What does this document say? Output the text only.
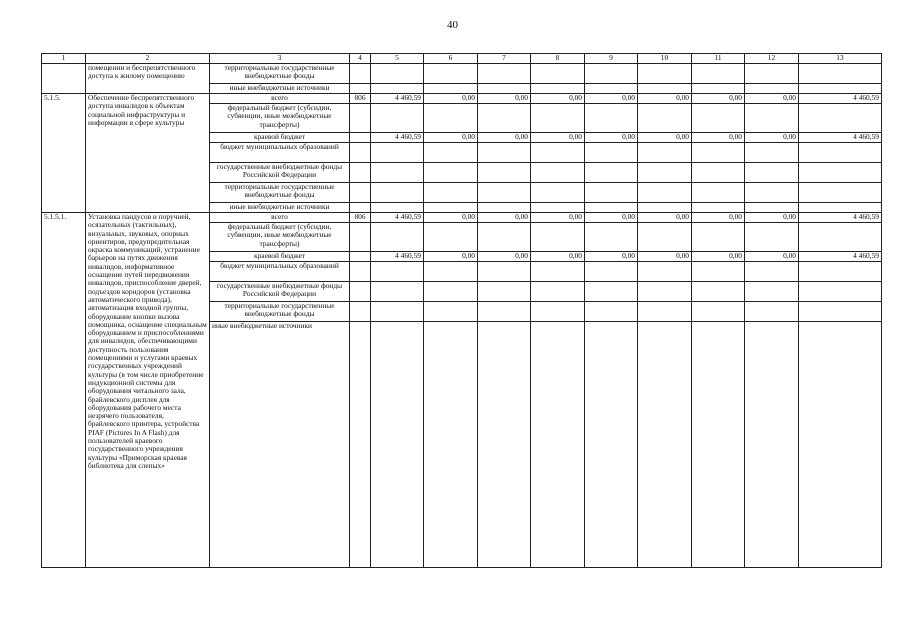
40
1	2	3	4	5	6	7	8	9	10	11	12	13
	помещении и беспрепятственного доступа к жилому помещению	территориальные государственные внебюджетные фонды										
		иные внебюджетные источники										
5.1.5.	Обеспечение беспрепятственного доступа инвалидов к объектам социальной инфраструктуры и информации в сфере культуры	всего	806	4 460,59	0,00	0,00	0,00	0,00	0,00	0,00	0,00	4 460,59
		федеральный бюджет (субсидии, субвенции, иные межбюджетные трансферты)										
		краевой бюджет		4 460,59	0,00	0,00	0,00	0,00	0,00	0,00	0,00	4 460,59
		бюджет муниципальных образований										
		государственные внебюджетные фонды Российской Федерации										
		территориальные государственные внебюджетные фонды										
		иные внебюджетные источники										
5.1.5.1.	Установка пандусов и поручней, осязательных (тактильных), визуальных, звуковых, опорных ориентиров, предупредительная окраска коммуникаций, устранение барьеров на путях движения инвалидов, информативное оснащение путей передвижения инвалидов, приспособление дверей, подъездов коридоров (установка автоматического привода), автоматизация входной группы, оборудование кнопки вызова помощника, оснащение специальным оборудованием и приспособлениями для инвалидов, обеспечивающими доступность пользования помещениями и услугами краевых государственных учреждений культуры (в том числе приобретение индукционной системы для оборудования читального зала, брайлевского дисплея для оборудования рабочего места незрячего пользователя, брайлевского принтера, устройства PIAF (Pictures In A Flash) для пользователей краевого государственного учреждения культуры «Приморская краевая библиотека для слепых»	всего	806	4 460,59	0,00	0,00	0,00	0,00	0,00	0,00	0,00	4 460,59
		федеральный бюджет (субсидии, субвенции, иные межбюджетные трансферты)										
		краевой бюджет		4 460,59	0,00	0,00	0,00	0,00	0,00	0,00	0,00	4 460,59
		бюджет муниципальных образований										
		государственные внебюджетные фонды Российской Федерации										
		территориальные государственные внебюджетные фонды										
		иные внебюджетные источники										
